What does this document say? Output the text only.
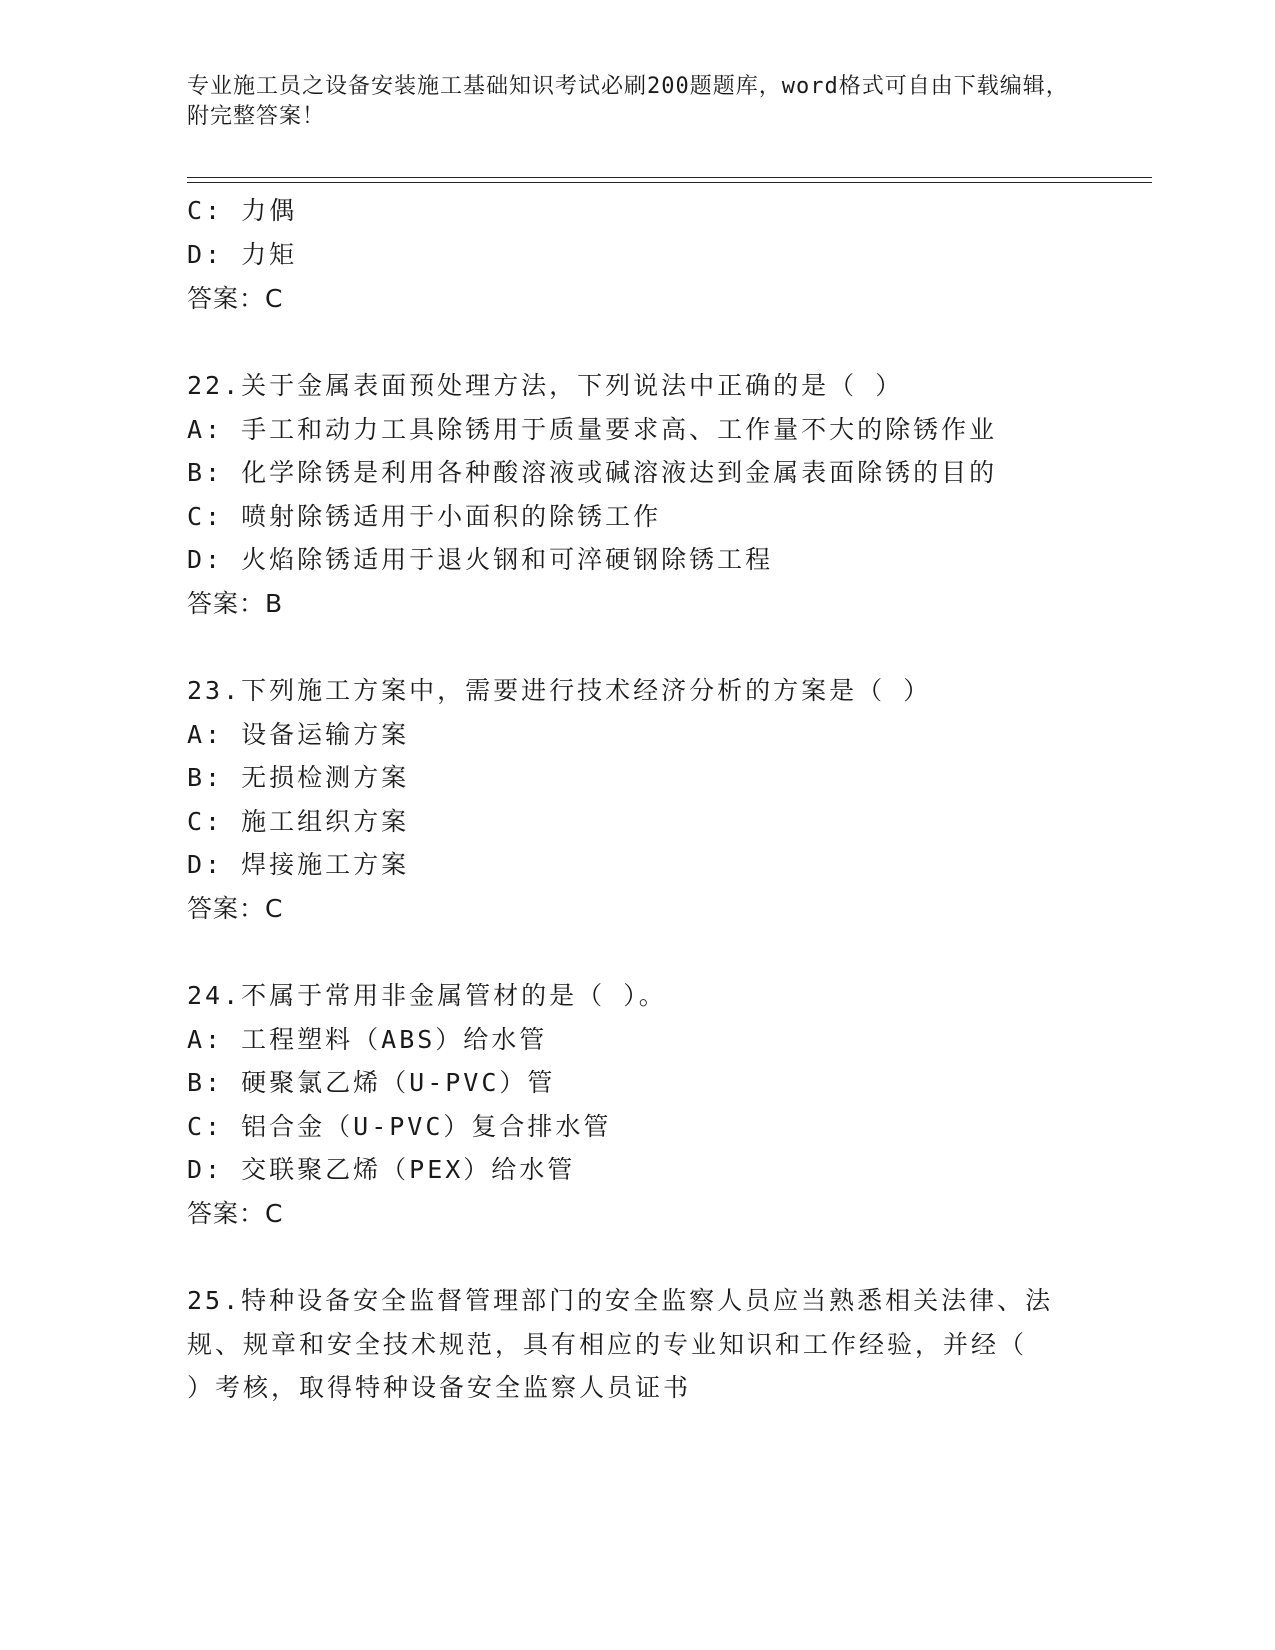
专业施工员之设备安装施工基础知识考试必刷200题题库，word格式可自由下载编辑，附完整答案！
C: 力偶
D: 力矩
答案：C
22.关于金属表面预处理方法，下列说法中正确的是（ ）
A: 手工和动力工具除锈用于质量要求高、工作量不大的除锈作业
B: 化学除锈是利用各种酸溶液或碱溶液达到金属表面除锈的目的
C: 喷射除锈适用于小面积的除锈工作
D: 火焰除锈适用于退火钢和可淬硬钢除锈工程
答案：B
23.下列施工方案中，需要进行技术经济分析的方案是（ ）
A: 设备运输方案
B: 无损检测方案
C: 施工组织方案
D: 焊接施工方案
答案：C
24.不属于常用非金属管材的是（ ）。
A: 工程塑料（ABS）给水管
B: 硬聚氯乙烯（U-PVC）管
C: 铝合金（U-PVC）复合排水管
D: 交联聚乙烯（PEX）给水管
答案：C
25.特种设备安全监督管理部门的安全监察人员应当熟悉相关法律、法
规、规章和安全技术规范，具有相应的专业知识和工作经验，并经（
）考核，取得特种设备安全监察人员证书
